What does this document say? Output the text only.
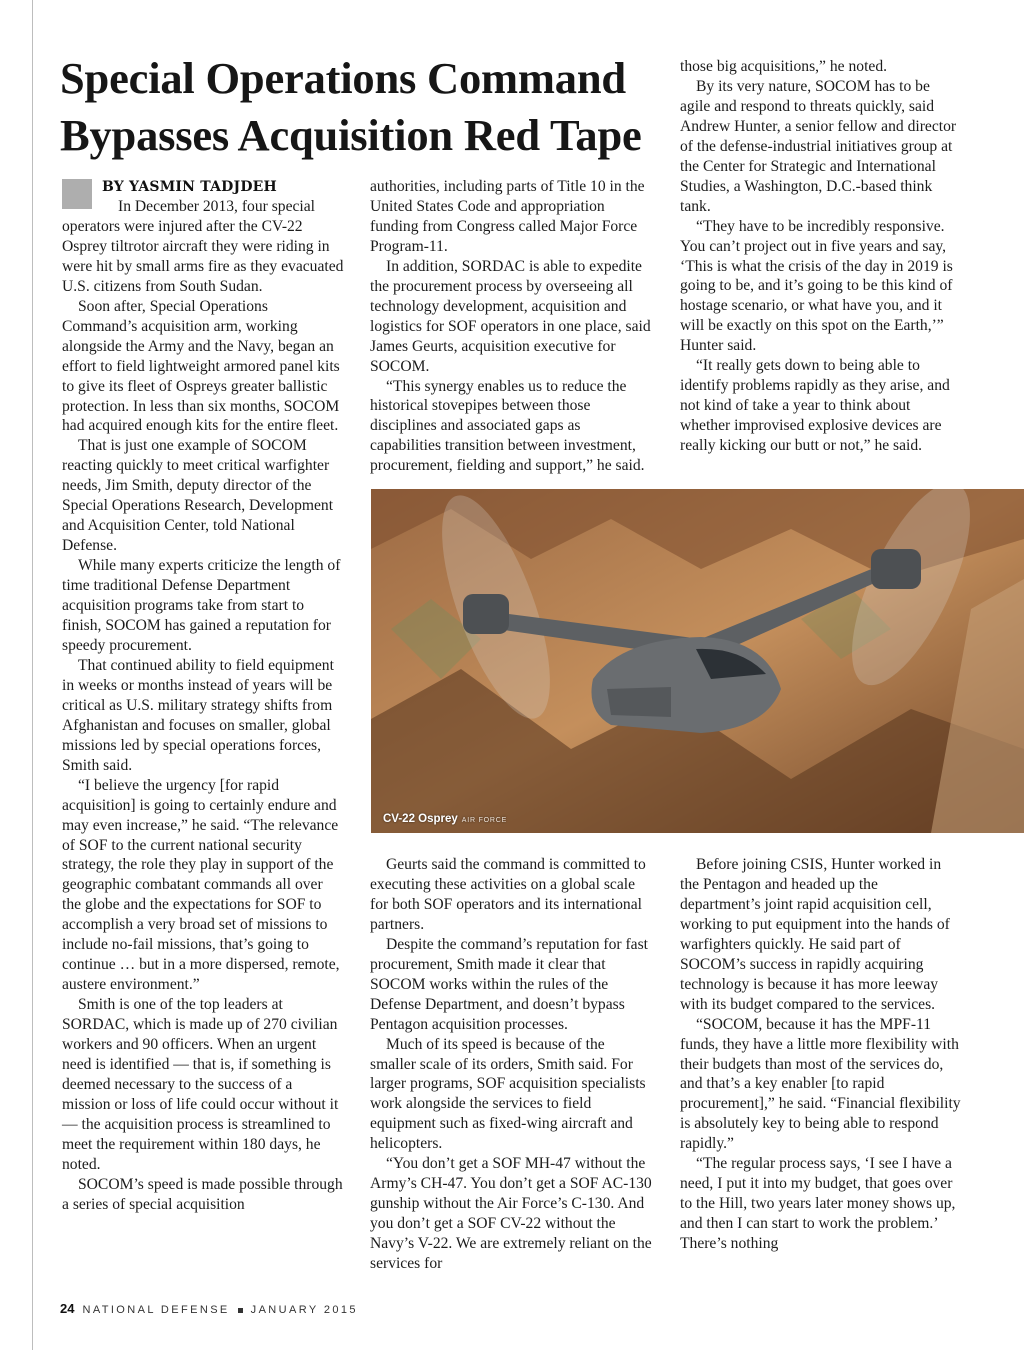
Special Operations Command Bypasses Acquisition Red Tape
BY YASMIN TADJDEH

In December 2013, four special operators were injured after the CV-22 Osprey tiltrotor aircraft they were riding in were hit by small arms fire as they evacuated U.S. citizens from South Sudan.

Soon after, Special Operations Command’s acquisition arm, working alongside the Army and the Navy, began an effort to field lightweight armored panel kits to give its fleet of Ospreys greater ballistic protection. In less than six months, SOCOM had acquired enough kits for the entire fleet.

That is just one example of SOCOM reacting quickly to meet critical warfighter needs, Jim Smith, deputy director of the Special Operations Research, Development and Acquisition Center, told National Defense.

While many experts criticize the length of time traditional Defense Department acquisition programs take from start to finish, SOCOM has gained a reputation for speedy procurement.

That continued ability to field equipment in weeks or months instead of years will be critical as U.S. military strategy shifts from Afghanistan and focuses on smaller, global missions led by special operations forces, Smith said.

“I believe the urgency [for rapid acquisition] is going to certainly endure and may even increase,” he said. “The relevance of SOF to the current national security strategy, the role they play in support of the geographic combatant commands all over the globe and the expectations for SOF to accomplish a very broad set of missions to include no-fail missions, that’s going to continue … but in a more dispersed, remote, austere environment.”

Smith is one of the top leaders at SORDAC, which is made up of 270 civilian workers and 90 officers. When an urgent need is identified — that is, if something is deemed necessary to the success of a mission or loss of life could occur without it — the acquisition process is streamlined to meet the requirement within 180 days, he noted.

SOCOM’s speed is made possible through a series of special acquisition

authorities, including parts of Title 10 in the United States Code and appropriation funding from Congress called Major Force Program-11.

In addition, SORDAC is able to expedite the procurement process by overseeing all technology development, acquisition and logistics for SOF operators in one place, said James Geurts, acquisition executive for SOCOM.

“This synergy enables us to reduce the historical stovepipes between those disciplines and associated gaps as capabilities transition between investment, procurement, fielding and support,” he said.

those big acquisitions,” he noted.

By its very nature, SOCOM has to be agile and respond to threats quickly, said Andrew Hunter, a senior fellow and director of the defense-industrial initiatives group at the Center for Strategic and International Studies, a Washington, D.C.-based think tank.

“They have to be incredibly responsive. You can’t project out in five years and say, ‘This is what the crisis of the day in 2019 is going to be, and it’s going to be this kind of hostage scenario, or what have you, and it will be exactly on this spot on the Earth,’” Hunter said.

“It really gets down to being able to identify problems rapidly as they arise, and not kind of take a year to think about whether improvised explosive devices are really kicking our butt or not,” he said.

CV-22 Osprey AIR FORCE

Geurts said the command is committed to executing these activities on a global scale for both SOF operators and its international partners.

Despite the command’s reputation for fast procurement, Smith made it clear that SOCOM works within the rules of the Defense Department, and doesn’t bypass Pentagon acquisition processes.

Much of its speed is because of the smaller scale of its orders, Smith said. For larger programs, SOF acquisition specialists work alongside the services to field equipment such as fixed-wing aircraft and helicopters.

“You don’t get a SOF MH-47 without the Army’s CH-47. You don’t get a SOF AC-130 gunship without the Air Force’s C-130. And you don’t get a SOF CV-22 without the Navy’s V-22. We are extremely reliant on the services for

Before joining CSIS, Hunter worked in the Pentagon and headed up the department’s joint rapid acquisition cell, working to put equipment into the hands of warfighters quickly. He said part of SOCOM’s success in rapidly acquiring technology is because it has more leeway with its budget compared to the services.

“SOCOM, because it has the MPF-11 funds, they have a little more flexibility with their budgets than most of the services do, and that’s a key enabler [to rapid procurement],” he said. “Financial flexibility is absolutely key to being able to respond rapidly.”

“The regular process says, ‘I see I have a need, I put it into my budget, that goes over to the Hill, two years later money shows up, and then I can start to work the problem.’ There’s nothing

24 NATIONAL DEFENSE JANUARY 2015
